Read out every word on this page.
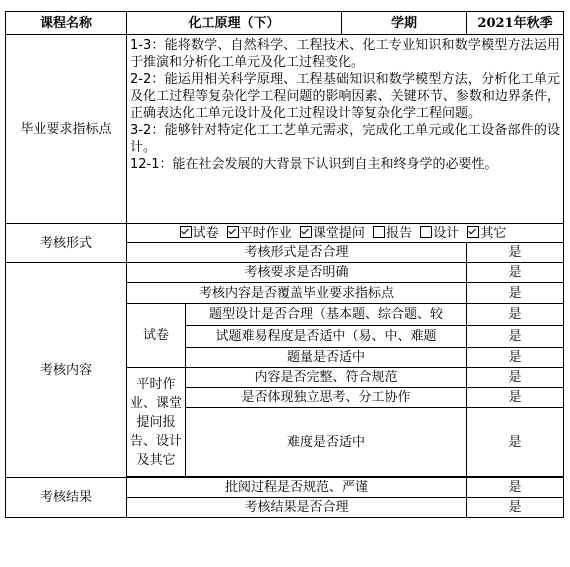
课程名称	化工原理（下）		学期	2021年秋季
毕业要求指标点	1-3：能将数学、自然科学、工程技术、化工专业知识和数学模型方法运用于推演和分析化工单元及化工过程变化。

2-2：能运用相关科学原理、工程基础知识和数学模型方法，分析化工单元及化工过程等复杂化学工程问题的影响因素、关键环节、参数和边界条件，正确表达化工单元设计及化工过程设计等复杂化学工程问题。

3-2：能够针对特定化工工艺单元需求，完成化工单元或化工设备部件的设计。

12-1：能在社会发展的大背景下认识到自主和终身学的必要性。			

考核形式	试卷 平时作业 课堂提问 报告 设计 其它			
	考核形式是否合理			是
考核内容	考核要求是否明确			是
	考核内容是否覆盖毕业要求指标点			是
	试卷	题型设计是否合理（基本题、综合题、较		是
		试题难易程度是否适中（易、中、难题		是
		题量是否适中		是
	平时作业、课堂提问报告、设计及其它	内容是否完整、符合规范		是
		是否体现独立思考、分工协作		是
		难度是否适中		是

考核结果	批阅过程是否规范、严谨			是
	考核结果是否合理			是
